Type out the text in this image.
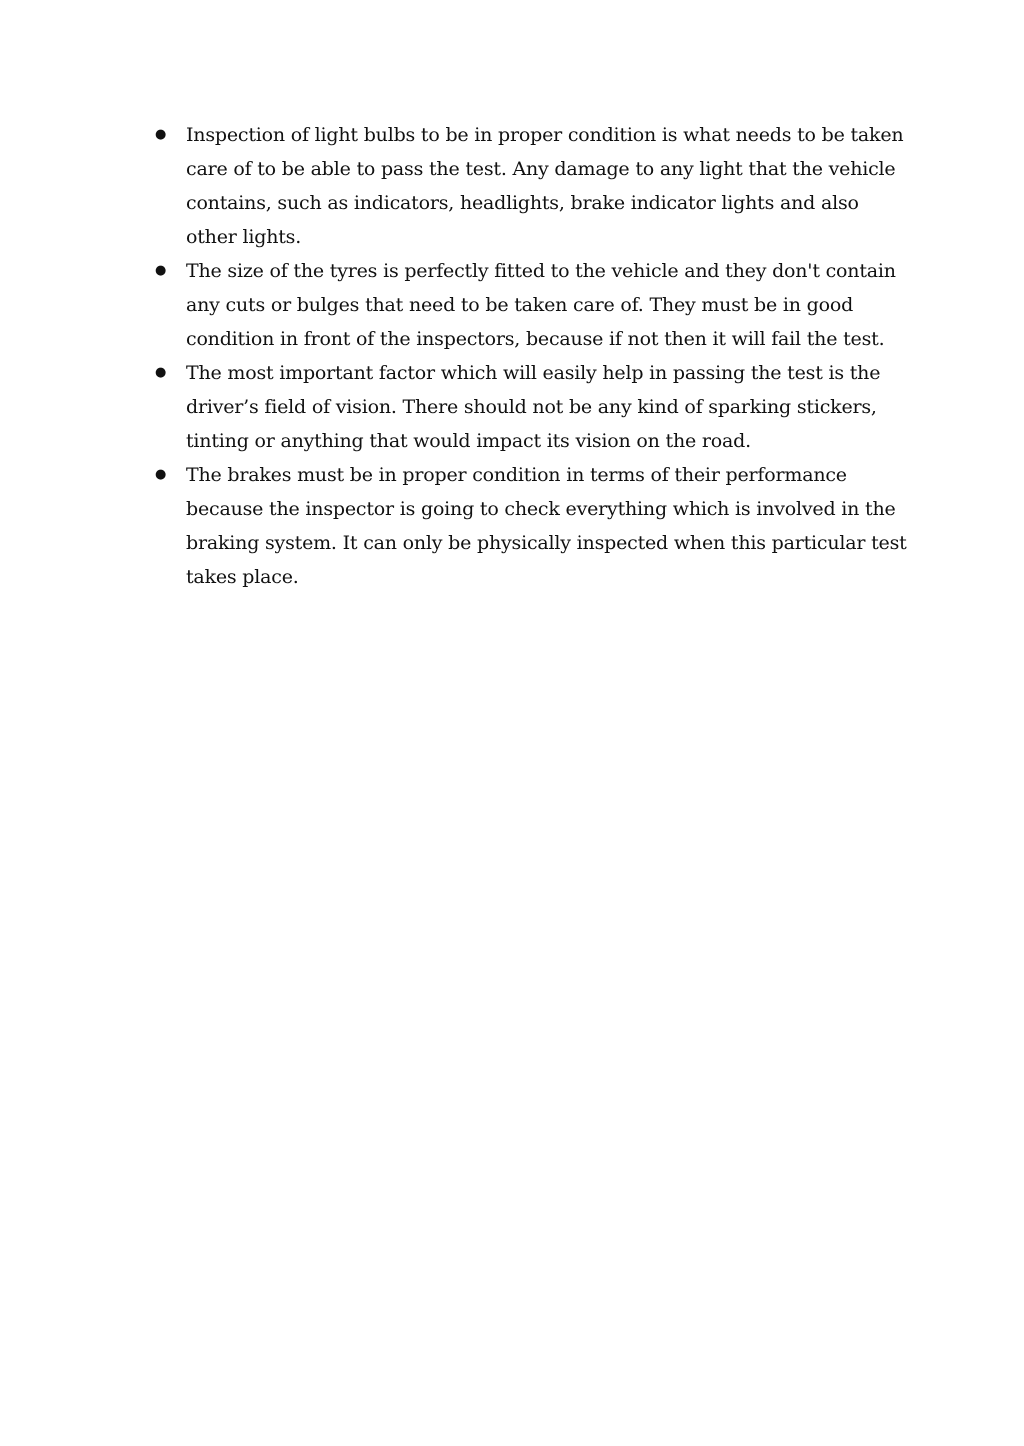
● Inspection of light bulbs to be in proper condition is what needs to be taken care of to be able to pass the test. Any damage to any light that the vehicle contains, such as indicators, headlights, brake indicator lights and also other lights.
● The size of the tyres is perfectly fitted to the vehicle and they don't contain any cuts or bulges that need to be taken care of. They must be in good condition in front of the inspectors, because if not then it will fail the test.
● The most important factor which will easily help in passing the test is the driver’s field of vision. There should not be any kind of sparking stickers, tinting or anything that would impact its vision on the road.
● The brakes must be in proper condition in terms of their performance because the inspector is going to check everything which is involved in the braking system. It can only be physically inspected when this particular test takes place.
